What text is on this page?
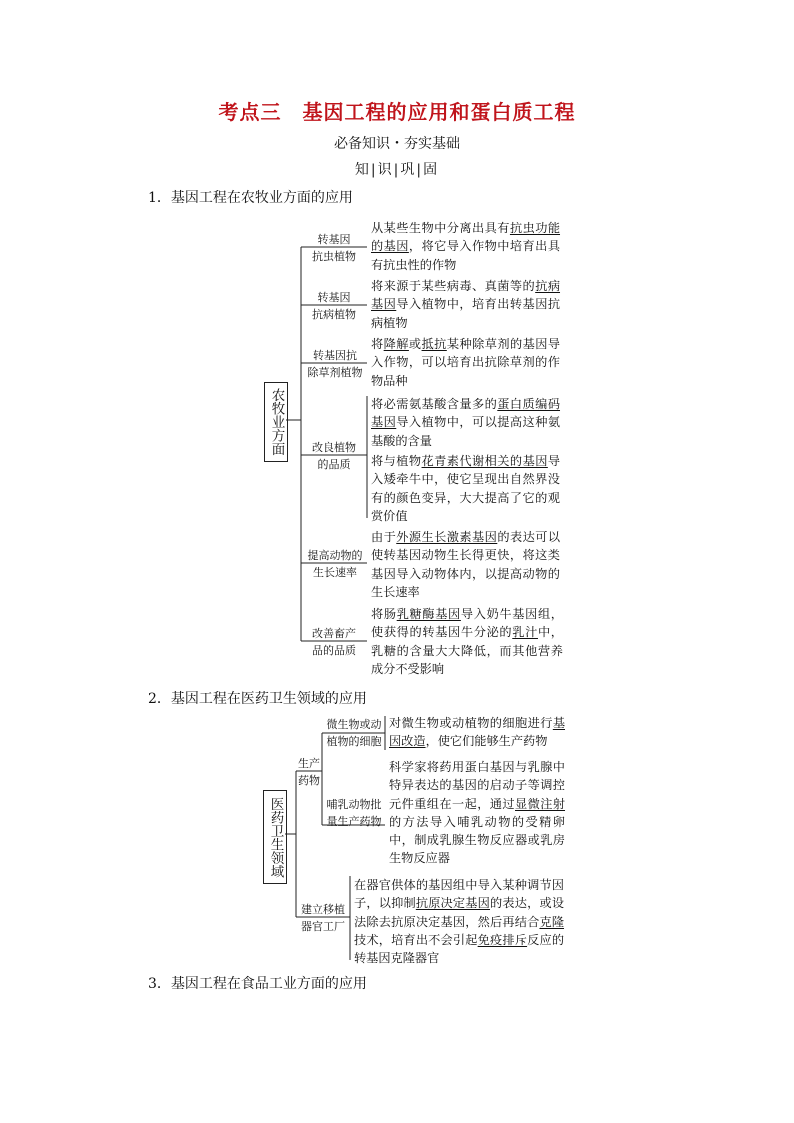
考点三　基因工程的应用和蛋白质工程
必备知识・夯实基础
知|识|巩|固
1．基因工程在农牧业方面的应用
2．基因工程在医药卫生领域的应用
3．基因工程在食品工业方面的应用
农牧业方面
转基因
抗虫植物
从某些生物中分离出具有抗虫功能的基因，将它导入作物中培育出具有抗虫性的作物
转基因
抗病植物
将来源于某些病毒、真菌等的抗病基因导入植物中，培育出转基因抗病植物
转基因抗
除草剂植物
将降解或抵抗某种除草剂的基因导入作物，可以培育出抗除草剂的作物品种
改良植物
的品质
将必需氨基酸含量多的蛋白质编码基因导入植物中，可以提高这种氨基酸的含量
将与植物花青素代谢相关的基因导入矮牵牛中，使它呈现出自然界没有的颜色变异，大大提高了它的观赏价值
提高动物的
生长速率
由于外源生长激素基因的表达可以使转基因动物生长得更快，将这类基因导入动物体内，以提高动物的生长速率
改善畜产
品的品质
将肠乳糖酶基因导入奶牛基因组，使获得的转基因牛分泌的乳汁中，乳糖的含量大大降低，而其他营养成分不受影响
医药卫生领域
生产
药物
微生物或动
植物的细胞
对微生物或动植物的细胞进行基因改造，使它们能够生产药物
哺乳动物批
量生产药物
科学家将药用蛋白基因与乳腺中特异表达的基因的启动子等调控元件重组在一起，通过显微注射的方法导入哺乳动物的受精卵中，制成乳腺生物反应器或乳房生物反应器
建立移植
器官工厂
在器官供体的基因组中导入某种调节因子，以抑制抗原决定基因的表达，或设法除去抗原决定基因，然后再结合克隆技术，培育出不会引起免疫排斥反应的转基因克隆器官
